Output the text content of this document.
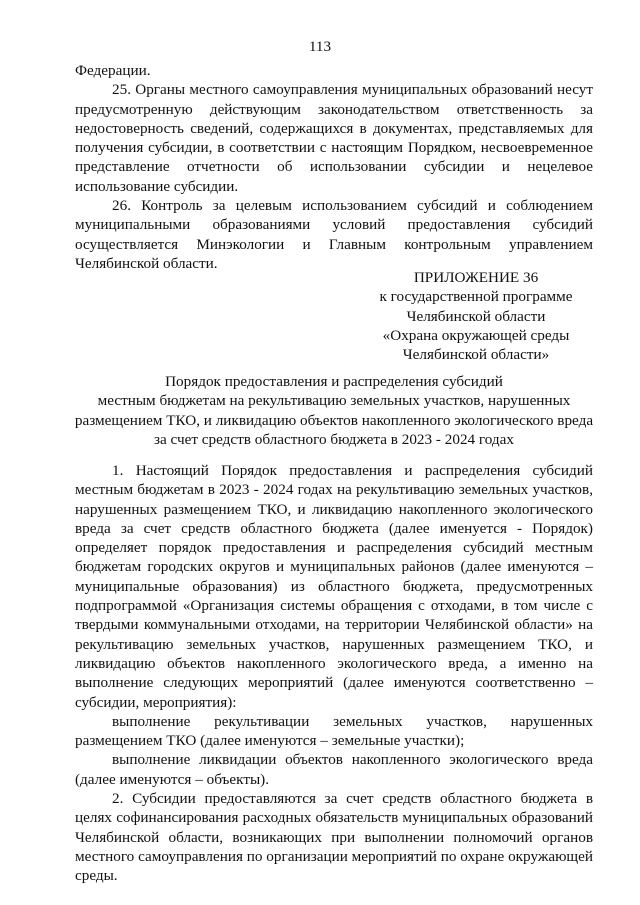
113

Федерации.

25. Органы местного самоуправления муниципальных образований несут предусмотренную действующим законодательством ответственность за недостоверность сведений, содержащихся в документах, представляемых для получения субсидии, в соответствии с настоящим Порядком, несвоевременное представление отчетности об использовании субсидии и нецелевое использование субсидии.

26. Контроль за целевым использованием субсидий и соблюдением муниципальными образованиями условий предоставления субсидий осуществляется Минэкологии и Главным контрольным управлением Челябинской области.

ПРИЛОЖЕНИЕ 36
к государственной программе
Челябинской области
«Охрана окружающей среды
Челябинской области»
Порядок предоставления и распределения субсидий
местным бюджетам на рекультивацию земельных участков, нарушенных
размещением ТКО, и ликвидацию объектов накопленного экологического вреда
за счет средств областного бюджета в 2023 - 2024 годах

1. Настоящий Порядок предоставления и распределения субсидий местным бюджетам в 2023 - 2024 годах на рекультивацию земельных участков, нарушенных размещением ТКО, и ликвидацию накопленного экологического вреда за счет средств областного бюджета (далее именуется - Порядок) определяет порядок предоставления и распределения субсидий местным бюджетам городских округов и муниципальных районов (далее именуются – муниципальные образования) из областного бюджета, предусмотренных подпрограммой «Организация системы обращения с отходами, в том числе с твердыми коммунальными отходами, на территории Челябинской области» на рекультивацию земельных участков, нарушенных размещением ТКО, и ликвидацию объектов накопленного экологического вреда, а именно на выполнение следующих мероприятий (далее именуются соответственно – субсидии, мероприятия):

выполнение рекультивации земельных участков, нарушенных размещением ТКО (далее именуются – земельные участки);

выполнение ликвидации объектов накопленного экологического вреда (далее именуются – объекты).

2. Субсидии предоставляются за счет средств областного бюджета в целях софинансирования расходных обязательств муниципальных образований Челябинской области, возникающих при выполнении полномочий органов местного самоуправления по организации мероприятий по охране окружающей среды.
